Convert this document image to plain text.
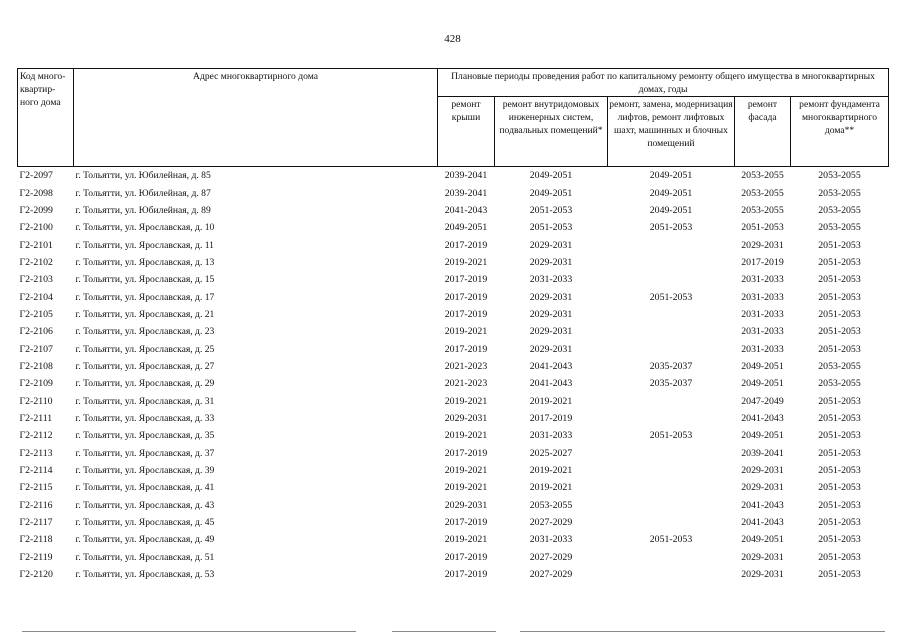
428
Код много-квартир-ного дома	Адрес многоквартирного дома	Плановые периоды проведения работ по капитальному ремонту общего имущества в многоквартирных домах, годы				
		ремонт крыши	ремонт внутридомовых инженерных систем, подвальных помещений*	ремонт, замена, модернизация лифтов, ремонт лифтовых шахт, машинных и блочных помещений	ремонт фасада	ремонт фундамента многоквартирного дома**
Г2-2097	г. Тольятти, ул. Юбилейная, д. 85	2039-2041	2049-2051	2049-2051	2053-2055	2053-2055
Г2-2098	г. Тольятти, ул. Юбилейная, д. 87	2039-2041	2049-2051	2049-2051	2053-2055	2053-2055
Г2-2099	г. Тольятти, ул. Юбилейная, д. 89	2041-2043	2051-2053	2049-2051	2053-2055	2053-2055
Г2-2100	г. Тольятти, ул. Ярославская, д. 10	2049-2051	2051-2053	2051-2053	2051-2053	2053-2055
Г2-2101	г. Тольятти, ул. Ярославская, д. 11	2017-2019	2029-2031		2029-2031	2051-2053
Г2-2102	г. Тольятти, ул. Ярославская, д. 13	2019-2021	2029-2031		2017-2019	2051-2053
Г2-2103	г. Тольятти, ул. Ярославская, д. 15	2017-2019	2031-2033		2031-2033	2051-2053
Г2-2104	г. Тольятти, ул. Ярославская, д. 17	2017-2019	2029-2031	2051-2053	2031-2033	2051-2053
Г2-2105	г. Тольятти, ул. Ярославская, д. 21	2017-2019	2029-2031		2031-2033	2051-2053
Г2-2106	г. Тольятти, ул. Ярославская, д. 23	2019-2021	2029-2031		2031-2033	2051-2053
Г2-2107	г. Тольятти, ул. Ярославская, д. 25	2017-2019	2029-2031		2031-2033	2051-2053
Г2-2108	г. Тольятти, ул. Ярославская, д. 27	2021-2023	2041-2043	2035-2037	2049-2051	2053-2055
Г2-2109	г. Тольятти, ул. Ярославская, д. 29	2021-2023	2041-2043	2035-2037	2049-2051	2053-2055
Г2-2110	г. Тольятти, ул. Ярославская, д. 31	2019-2021	2019-2021		2047-2049	2051-2053
Г2-2111	г. Тольятти, ул. Ярославская, д. 33	2029-2031	2017-2019		2041-2043	2051-2053
Г2-2112	г. Тольятти, ул. Ярославская, д. 35	2019-2021	2031-2033	2051-2053	2049-2051	2051-2053
Г2-2113	г. Тольятти, ул. Ярославская, д. 37	2017-2019	2025-2027		2039-2041	2051-2053
Г2-2114	г. Тольятти, ул. Ярославская, д. 39	2019-2021	2019-2021		2029-2031	2051-2053
Г2-2115	г. Тольятти, ул. Ярославская, д. 41	2019-2021	2019-2021		2029-2031	2051-2053
Г2-2116	г. Тольятти, ул. Ярославская, д. 43	2029-2031	2053-2055		2041-2043	2051-2053
Г2-2117	г. Тольятти, ул. Ярославская, д. 45	2017-2019	2027-2029		2041-2043	2051-2053
Г2-2118	г. Тольятти, ул. Ярославская, д. 49	2019-2021	2031-2033	2051-2053	2049-2051	2051-2053
Г2-2119	г. Тольятти, ул. Ярославская, д. 51	2017-2019	2027-2029		2029-2031	2051-2053
Г2-2120	г. Тольятти, ул. Ярославская, д. 53	2017-2019	2027-2029		2029-2031	2051-2053
